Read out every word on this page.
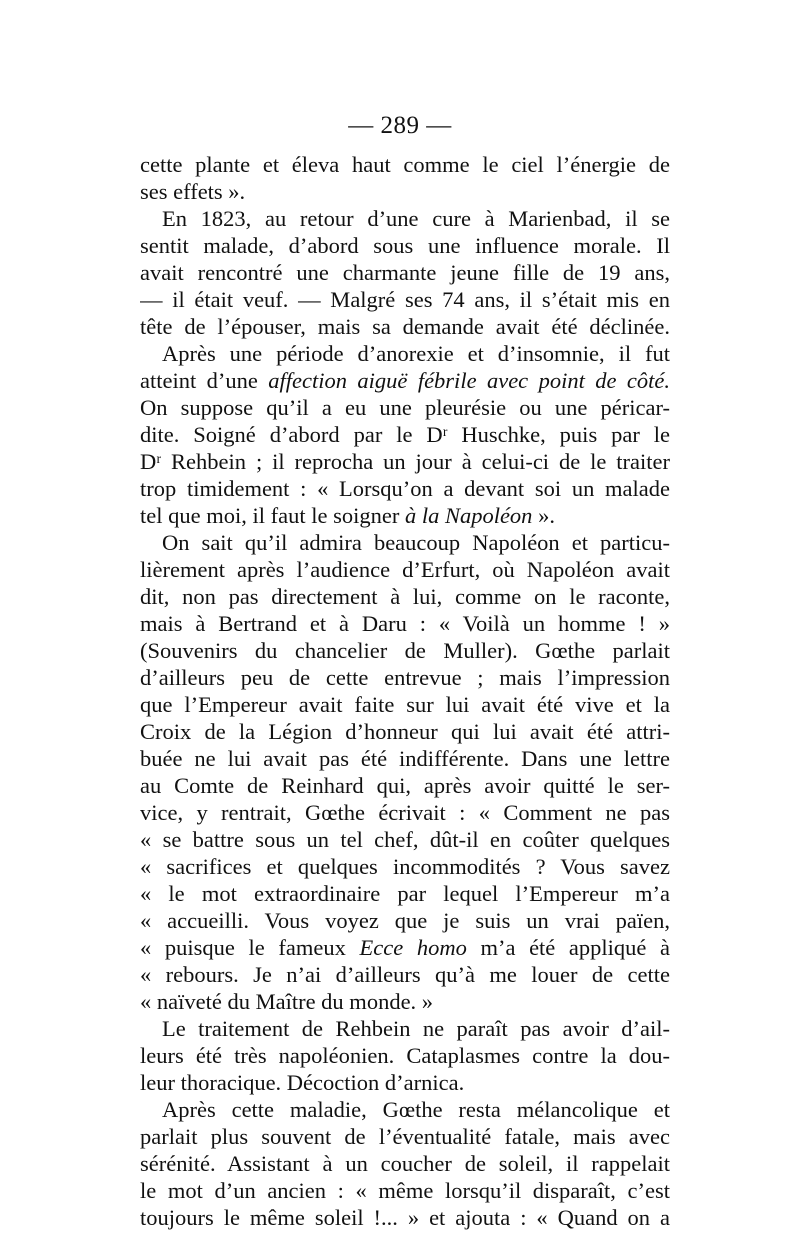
— 289 —
cette plante et éleva haut comme le ciel l’énergie de
ses effets ».
En 1823, au retour d’une cure à Marienbad, il se
sentit malade, d’abord sous une influence morale. Il
avait rencontré une charmante jeune fille de 19 ans,
— il était veuf. — Malgré ses 74 ans, il s’était mis en
tête de l’épouser, mais sa demande avait été déclinée.
Après une période d’anorexie et d’insomnie, il fut
atteint d’une affection aiguë fébrile avec point de côté.
On suppose qu’il a eu une pleurésie ou une péricar-
dite. Soigné d’abord par le Dʳ Huschke, puis par le
Dʳ Rehbein ; il reprocha un jour à celui-ci de le traiter
trop timidement : « Lorsqu’on a devant soi un malade
tel que moi, il faut le soigner à la Napoléon ».
On sait qu’il admira beaucoup Napoléon et particu-
lièrement après l’audience d’Erfurt, où Napoléon avait
dit, non pas directement à lui, comme on le raconte,
mais à Bertrand et à Daru : « Voilà un homme ! »
(Souvenirs du chancelier de Muller). Gœthe parlait
d’ailleurs peu de cette entrevue ; mais l’impression
que l’Empereur avait faite sur lui avait été vive et la
Croix de la Légion d’honneur qui lui avait été attri-
buée ne lui avait pas été indifférente. Dans une lettre
au Comte de Reinhard qui, après avoir quitté le ser-
vice, y rentrait, Gœthe écrivait : « Comment ne pas
« se battre sous un tel chef, dût-il en coûter quelques
« sacrifices et quelques incommodités ? Vous savez
« le mot extraordinaire par lequel l’Empereur m’a
« accueilli. Vous voyez que je suis un vrai païen,
« puisque le fameux Ecce homo m’a été appliqué à
« rebours. Je n’ai d’ailleurs qu’à me louer de cette
« naïveté du Maître du monde. »
Le traitement de Rehbein ne paraît pas avoir d’ail-
leurs été très napoléonien. Cataplasmes contre la dou-
leur thoracique. Décoction d’arnica.
Après cette maladie, Gœthe resta mélancolique et
parlait plus souvent de l’éventualité fatale, mais avec
sérénité. Assistant à un coucher de soleil, il rappelait
le mot d’un ancien : « même lorsqu’il disparaît, c’est
toujours le même soleil !... » et ajouta : « Quand on a
